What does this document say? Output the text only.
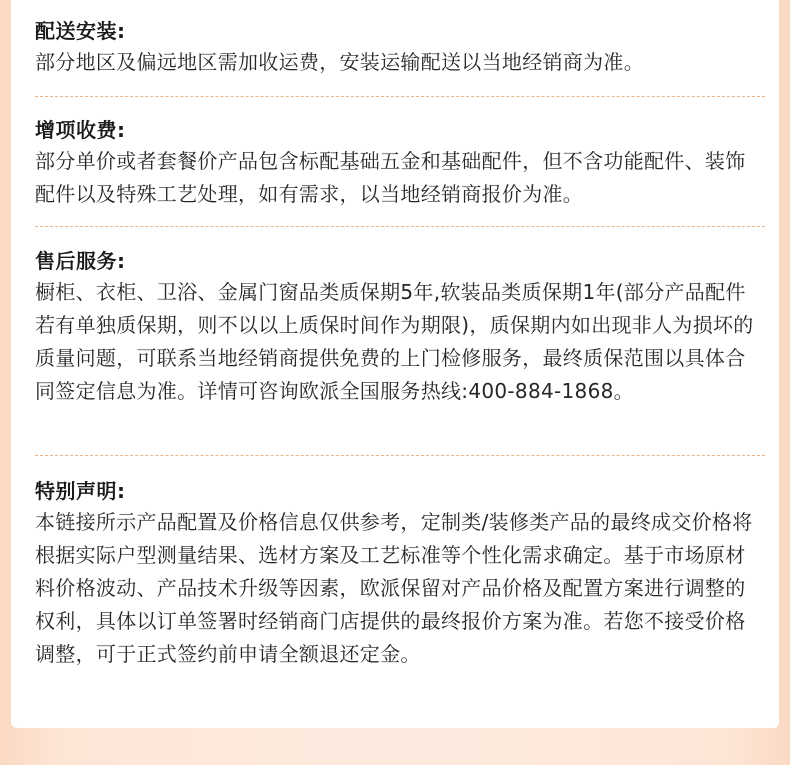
配送安装:
部分地区及偏远地区需加收运费，安装运输配送以当地经销商为准。
增项收费:
部分单价或者套餐价产品包含标配基础五金和基础配件，但不含功能配件、装饰配件以及特殊工艺处理，如有需求，以当地经销商报价为准。
售后服务:
橱柜、衣柜、卫浴、金属门窗品类质保期5年,软装品类质保期1年(部分产品配件若有单独质保期，则不以以上质保时间作为期限)，质保期内如出现非人为损坏的质量问题，可联系当地经销商提供免费的上门检修服务，最终质保范围以具体合同签定信息为准。详情可咨询欧派全国服务热线:400-884-1868。
特别声明:
本链接所示产品配置及价格信息仅供参考，定制类/装修类产品的最终成交价格将根据实际户型测量结果、选材方案及工艺标准等个性化需求确定。基于市场原材料价格波动、产品技术升级等因素，欧派保留对产品价格及配置方案进行调整的权利，具体以订单签署时经销商门店提供的最终报价方案为准。若您不接受价格调整，可于正式签约前申请全额退还定金。
